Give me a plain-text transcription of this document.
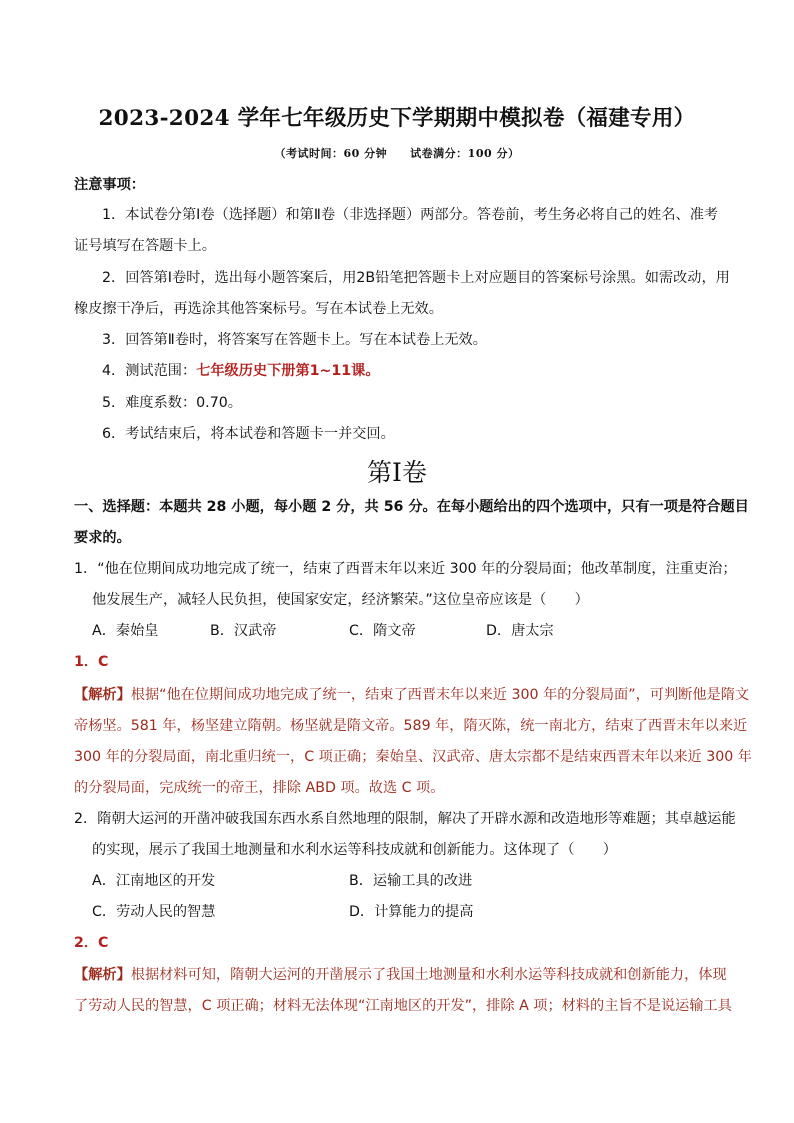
2023-2024 学年七年级历史下学期期中模拟卷（福建专用）
（考试时间：60 分钟　　试卷满分：100 分）
注意事项：
1．本试卷分第Ⅰ卷（选择题）和第Ⅱ卷（非选择题）两部分。答卷前，考生务必将自己的姓名、准考
证号填写在答题卡上。
2．回答第Ⅰ卷时，选出每小题答案后，用2B铅笔把答题卡上对应题目的答案标号涂黑。如需改动，用
橡皮擦干净后，再选涂其他答案标号。写在本试卷上无效。
3．回答第Ⅱ卷时，将答案写在答题卡上。写在本试卷上无效。
4．测试范围：七年级历史下册第1~11课。
5．难度系数：0.70。
6．考试结束后，将本试卷和答题卡一并交回。
第Ⅰ卷
一、选择题：本题共 28 小题，每小题 2 分，共 56 分。在每小题给出的四个选项中，只有一项是符合题目
要求的。
1．“他在位期间成功地完成了统一，结束了西晋末年以来近 300 年的分裂局面；他改革制度，注重吏治；
他发展生产，减轻人民负担，使国家安定，经济繁荣。”这位皇帝应该是（　　）
A．秦始皇	B．汉武帝	C．隋文帝	D．唐太宗
1．C
【解析】根据“他在位期间成功地完成了统一，结束了西晋末年以来近 300 年的分裂局面”，可判断他是隋文
帝杨坚。581 年，杨坚建立隋朝。杨坚就是隋文帝。589 年，隋灭陈，统一南北方，结束了西晋末年以来近
300 年的分裂局面，南北重归统一，C 项正确；秦始皇、汉武帝、唐太宗都不是结束西晋末年以来近 300 年
的分裂局面，完成统一的帝王，排除 ABD 项。故选 C 项。
2．隋朝大运河的开凿冲破我国东西水系自然地理的限制，解决了开辟水源和改造地形等难题；其卓越运能
的实现，展示了我国土地测量和水利水运等科技成就和创新能力。这体现了（　　）
A．江南地区的开发	B．运输工具的改进
C．劳动人民的智慧	D．计算能力的提高
2．C
【解析】根据材料可知，隋朝大运河的开凿展示了我国土地测量和水利水运等科技成就和创新能力，体现
了劳动人民的智慧，C 项正确；材料无法体现“江南地区的开发”，排除 A 项；材料的主旨不是说运输工具
